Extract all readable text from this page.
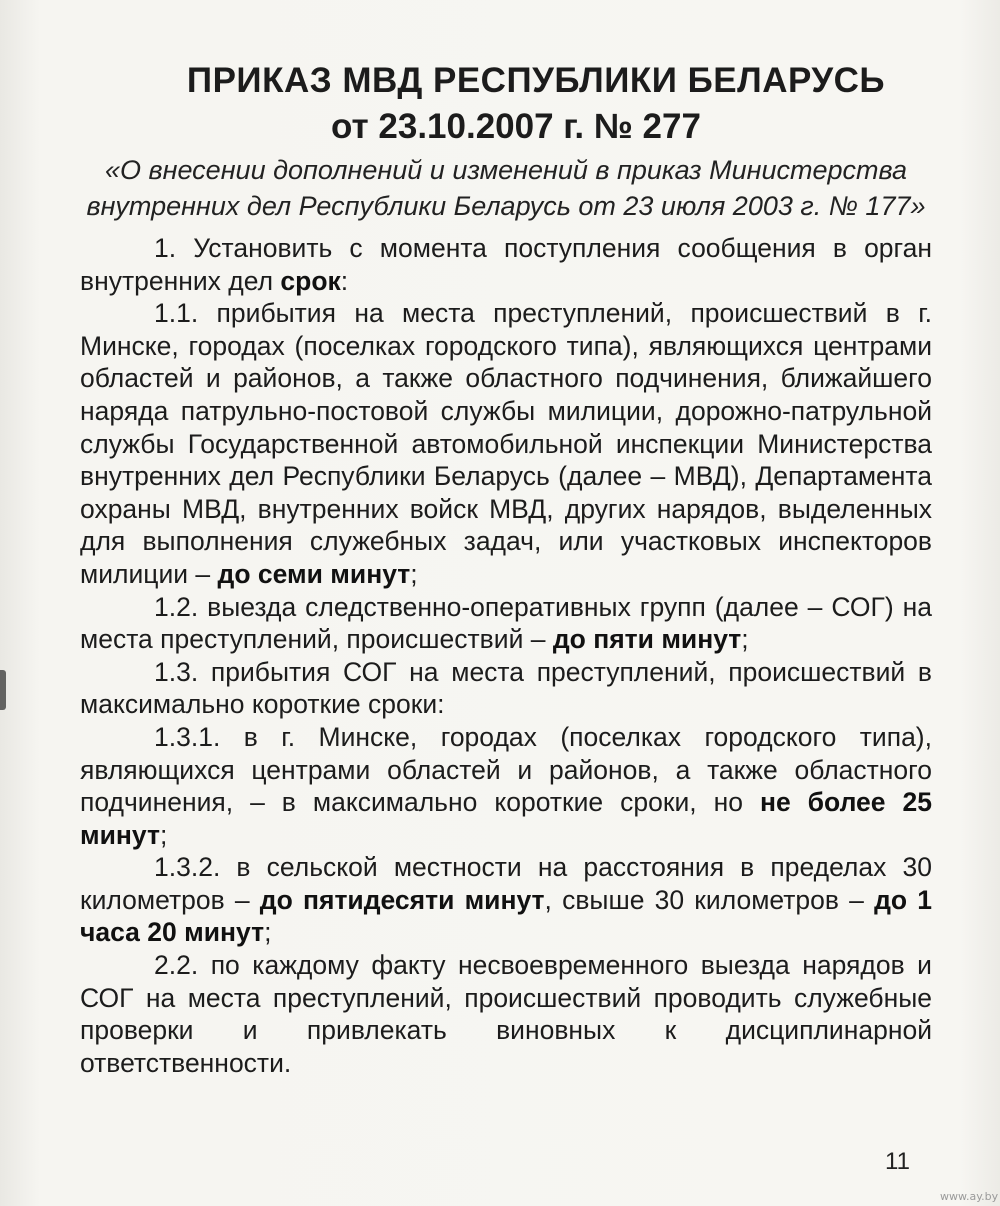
ПРИКАЗ МВД РЕСПУБЛИКИ БЕЛАРУСЬ
от 23.10.2007 г. № 277
«О внесении дополнений и изменений в приказ Министерства внутренних дел Республики Беларусь от 23 июля 2003 г. № 177»

1. Установить с момента поступления сообщения в орган внутренних дел срок:

1.1. прибытия на места преступлений, происшествий в г. Минске, городах (поселках городского типа), являющихся центрами областей и районов, а также областного подчинения, ближайшего наряда патрульно-постовой службы милиции, дорожно-патрульной службы Государственной автомобильной инспекции Министерства внутренних дел Республики Беларусь (далее – МВД), Департамента охраны МВД, внутренних войск МВД, других нарядов, выделенных для выполнения служебных задач, или участковых инспекторов милиции – до семи минут;

1.2. выезда следственно-оперативных групп (далее – СОГ) на места преступлений, происшествий – до пяти минут;

1.3. прибытия СОГ на места преступлений, происшествий в максимально короткие сроки:

1.3.1. в г. Минске, городах (поселках городского типа), являющихся центрами областей и районов, а также областного подчинения, – в максимально короткие сроки, но не более 25 минут;

1.3.2. в сельской местности на расстояния в пределах 30 километров – до пятидесяти минут, свыше 30 километров – до 1 часа 20 минут;

2.2. по каждому факту несвоевременного выезда нарядов и СОГ на места преступлений, происшествий проводить служебные проверки и привлекать виновных к дисциплинарной ответственности.

11
www.ay.by
